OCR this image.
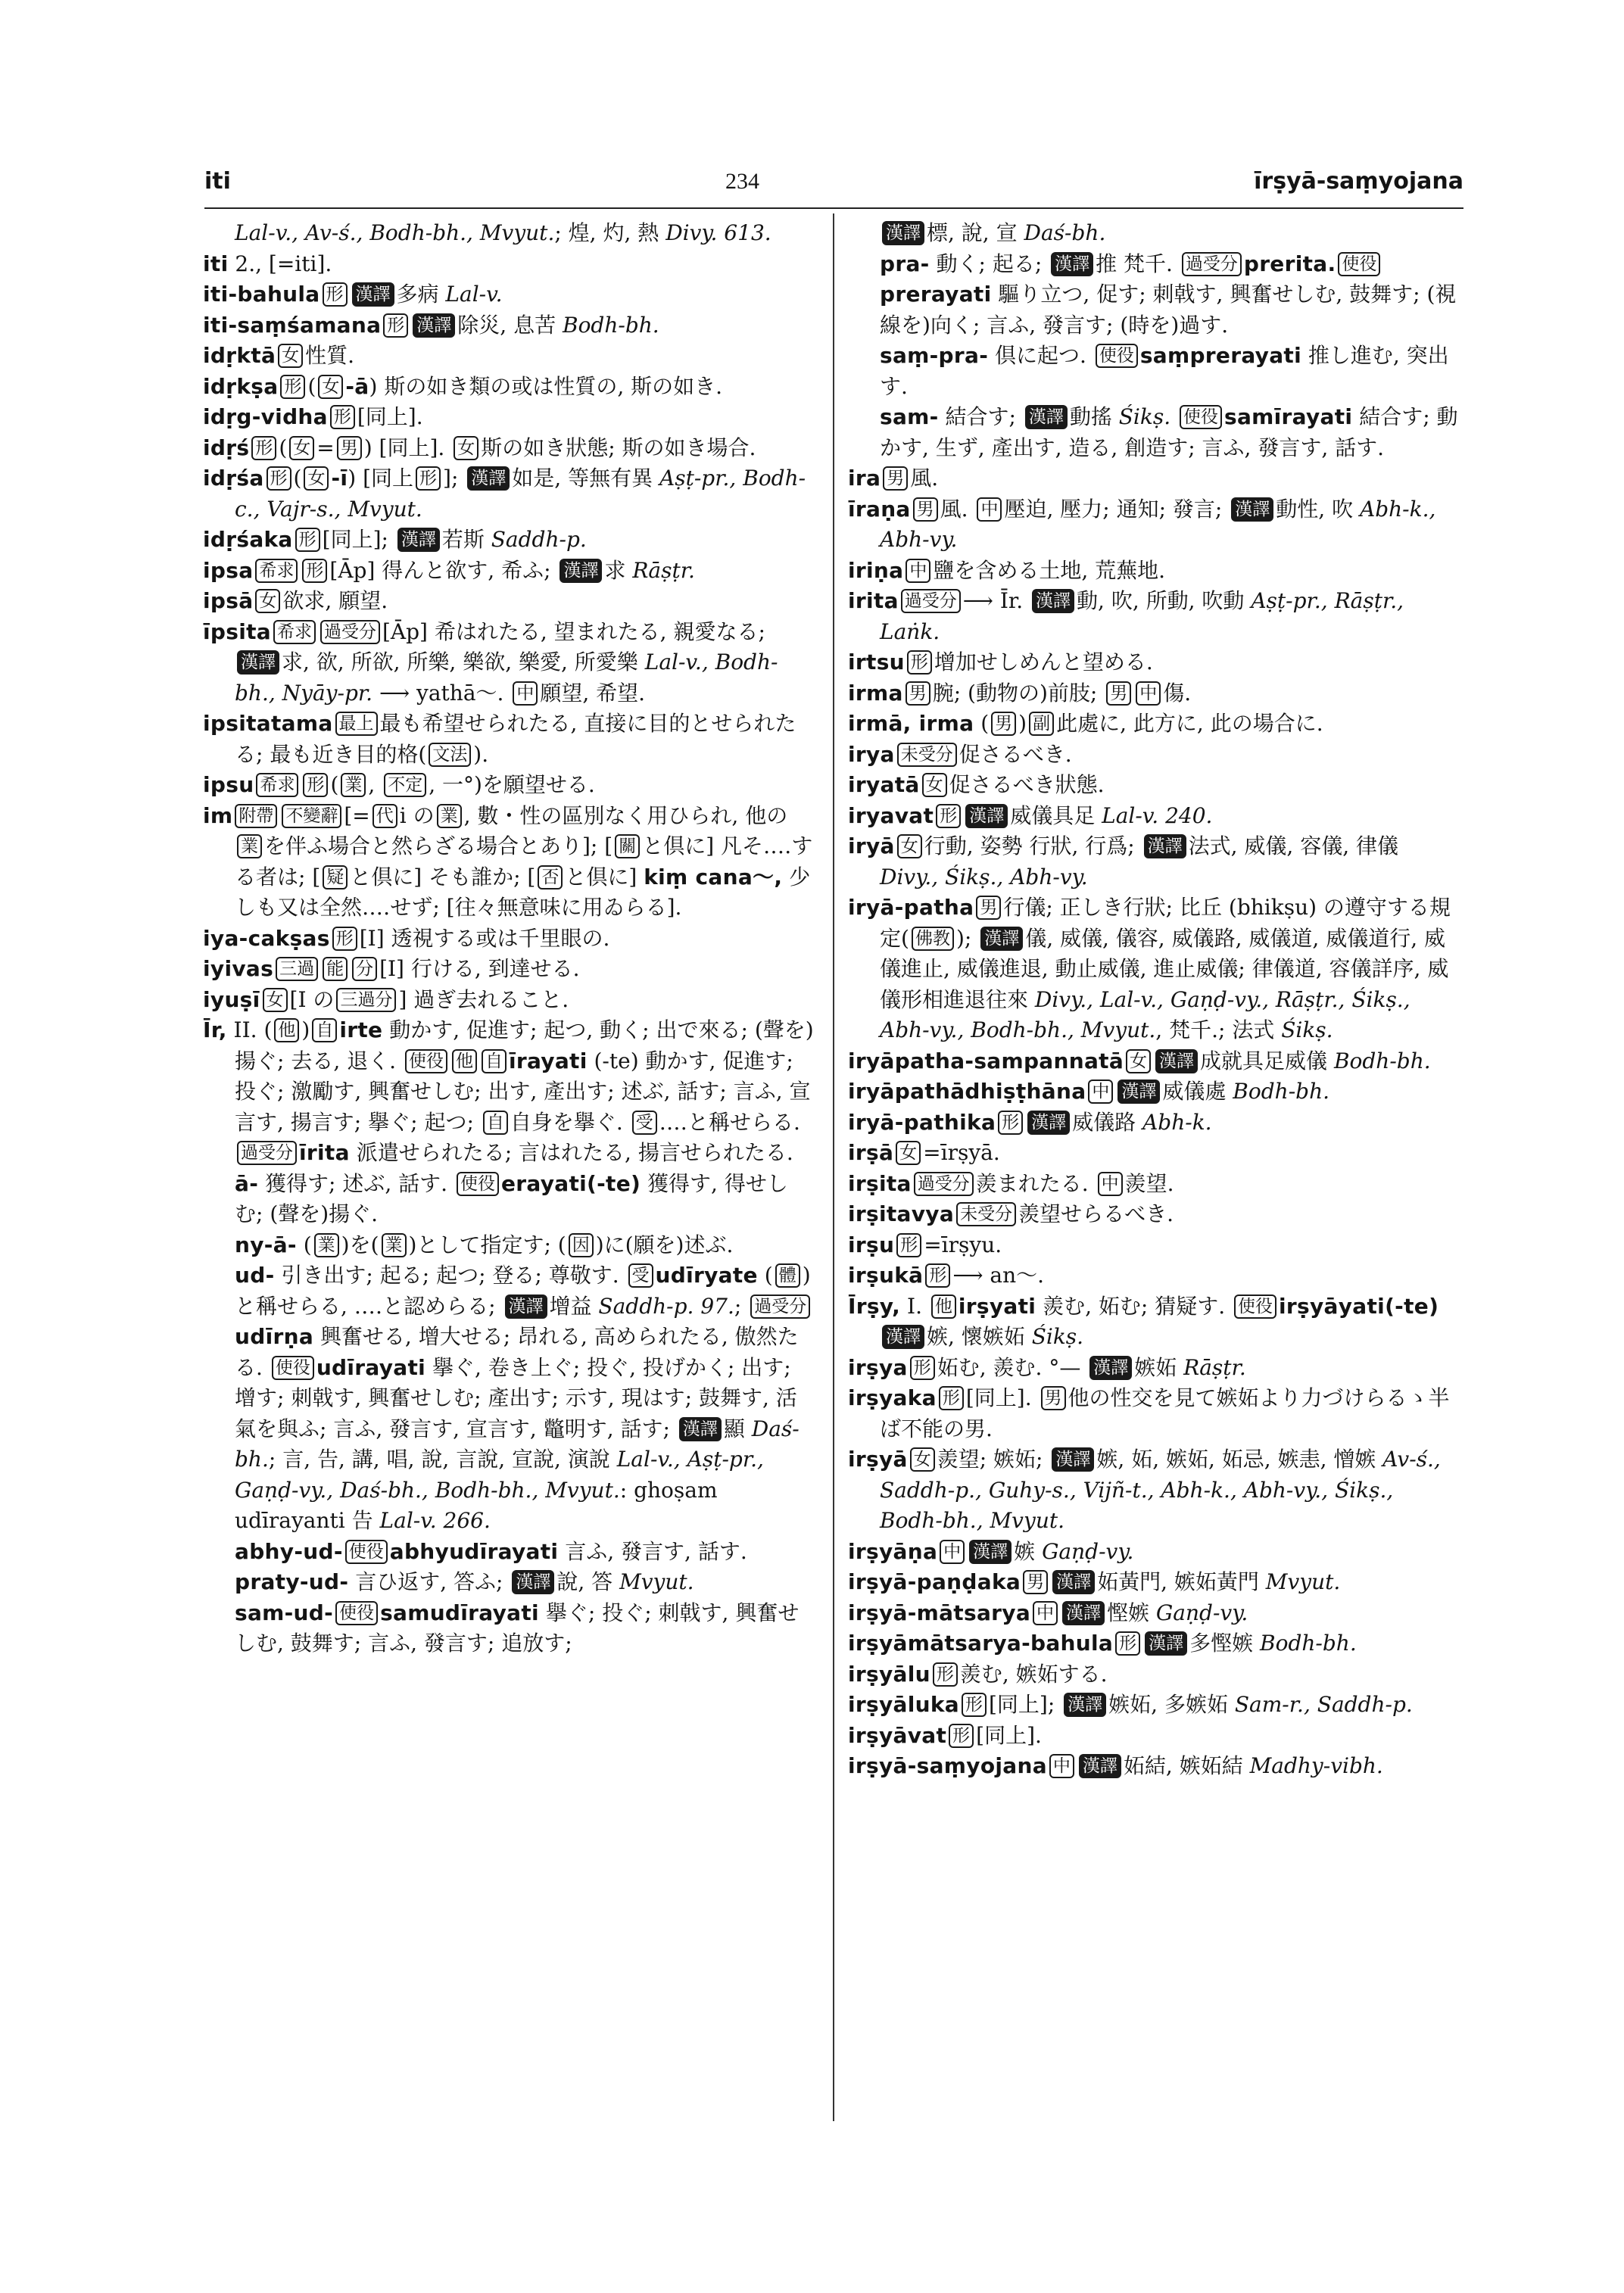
iti	234	īrṣyā-saṃyojana

Lal-v., Av-ś., Bodh-bh., Mvyut.; 煌, 灼, 熱 Divy. 613.

iti 2., [=iti].

iti-bahula 形 漢譯 多病 Lal-v.

iti-saṃśamana 形 漢譯 除災, 息苦 Bodh-bh.

idṛktā 女 性質.

idṛkṣa 形 ( 女 -ā) 斯の如き類の或は性質の, 斯の如き.

idṛg-vidha 形 [同上].

idṛś 形 ( 女 = 男 ) [同上]. 女 斯の如き狀態; 斯の如き場合.

idṛśa 形 ( 女 -ī) [同上 形 ]; 漢譯 如是, 等無有異 Aṣṭ-pr., Bodh-c., Vajr-s., Mvyut.

idṛśaka 形 [同上]; 漢譯 若斯 Saddh-p.

ipsa 希求 形 [Āp] 得んと欲す, 希ふ; 漢譯 求 Rāṣṭr.

ipsā 女 欲求, 願望.

īpsita 希求 過受分 [Āp] 希はれたる, 望まれたる, 親愛なる; 漢譯 求, 欲, 所欲, 所樂, 樂欲, 樂愛, 所愛樂 Lal-v., Bodh-bh., Nyāy-pr. ⟶ yathā〜. 中 願望, 希望.

ipsitatama 最上 最も希望せられたる, 直接に目的とせられたる; 最も近き目的格( 文法 ).

ipsu 希求 形 ( 業 , 不定 , 一°)を願望せる.

im 附帶 不變辭 [= 代 i の 業 , 數・性の區別なく用ひられ, 他の業 を伴ふ場合と然らざる場合とあり]; [ 關 と倶に] 凡そ‥‥する者は; [ 疑 と倶に] そも誰か; [ 否 と倶に] kiṃ cana〜, 少しも又は全然‥‥せず; [往々無意味に用ゐらる].

iya-cakṣas 形 [I] 透視する或は千里眼の.

iyivas 三過 能 分 [I] 行ける, 到達せる.

iyuṣī 女 [I の 三過分 ] 過ぎ去れること.

Īr, II. ( 他 ) 自 irte 動かす, 促進す; 起つ, 動く; 出で來る; (聲を)揚ぐ; 去る, 退く. 使役 他 自 īrayati (-te) 動かす, 促進す; 投ぐ; 激勵す, 興奮せしむ; 出す, 產出す; 述ぶ, 話す; 言ふ, 宣言す, 揚言す; 擧ぐ; 起つ; 自 自身を擧ぐ. 受 ‥‥と稱せらる. 過受分 īrita 派遣せられたる; 言はれたる, 揚言せられたる.

ā- 獲得す; 述ぶ, 話す. 使役 erayati(-te) 獲得す, 得せしむ; (聲を)揚ぐ.

ny-ā- ( 業 )を( 業 )として指定す; ( 因 )に(願を)述ぶ.

ud- 引き出す; 起る; 起つ; 登る; 尊敬す. 受 udīryate ( 體 )と稱せらる, ‥‥と認めらる; 漢譯 增益 Saddh-p. 97.; 過受分udīrṇa 興奮せる, 增大せる; 昂れる, 高められたる, 傲然たる. 使役 udīrayati 擧ぐ, 卷き上ぐ; 投ぐ, 投げかく; 出す; 增す; 刺戟す, 興奮せしむ; 產出す; 示す, 現はす; 鼓舞す, 活氣を與ふ; 言ふ, 發言す, 宣言す, 鼈明す, 話す; 漢譯 顯 Daś-bh.; 言, 告, 講, 唱, 說, 言說, 宣說, 演說 Lal-v., Aṣṭ-pr., Gaṇḍ-vy., Daś-bh., Bodh-bh., Mvyut.: ghoṣam udīrayanti 告 Lal-v. 266.

abhy-ud- 使役 abhyudīrayati 言ふ, 發言す, 話す.

praty-ud- 言ひ返す, 答ふ; 漢譯 說, 答 Mvyut.

sam-ud- 使役 samudīrayati 擧ぐ; 投ぐ; 刺戟す, 興奮せしむ, 鼓舞す; 言ふ, 發言す; 追放す;

漢譯 標, 說, 宣 Daś-bh.

pra- 動く; 起る; 漢譯 推 梵千. 過受分 prerita. 使役prerayati 驅り立つ, 促す; 刺戟す, 興奮せしむ, 鼓舞す; (視線を)向く; 言ふ, 發言す; (時を)過す.

saṃ-pra- 倶に起つ. 使役 saṃprerayati 推し進む, 突出す.

sam- 結合す; 漢譯 動搖 Śikṣ. 使役 samīrayati 結合す; 動かす, 生ず, 產出す, 造る, 創造す; 言ふ, 發言す, 話す.

ira 男 風.

īraṇa 男 風. 中 壓迫, 壓力; 通知; 發言; 漢譯 動性, 吹 Abh-k., Abh-vy.

iriṇa 中 鹽を含める土地, 荒蕪地.

irita 過受分 ⟶ Īr. 漢譯 動, 吹, 所動, 吹動 Aṣṭ-pr., Rāṣṭr., Laṅk.

irtsu 形 增加せしめんと望める.

irma 男 腕; (動物の)前肢; 男 中 傷.

irmā, irma ( 男 ) 副 此處に, 此方に, 此の場合に.

irya 未受分 促さるべき.

iryatā 女 促さるべき狀態.

iryavat 形 漢譯 威儀具足 Lal-v. 240.

iryā 女 行動, 姿勢 行狀, 行爲; 漢譯 法式, 威儀, 容儀, 律儀 Divy., Śikṣ., Abh-vy.

iryā-patha 男 行儀; 正しき行狀; 比丘 (bhikṣu) の遵守する規定( 佛教 ); 漢譯 儀, 威儀, 儀容, 威儀路, 威儀道, 威儀道行, 威儀進止, 威儀進退, 動止威儀, 進止威儀; 律儀道, 容儀詳序, 威儀形相進退往來 Divy., Lal-v., Gaṇḍ-vy., Rāṣṭr., Śikṣ., Abh-vy., Bodh-bh., Mvyut., 梵千.; 法式 Śikṣ.

iryāpatha-sampannatā 女 漢譯 成就具足威儀 Bodh-bh.

iryāpathādhiṣṭhāna 中 漢譯 威儀處 Bodh-bh.

iryā-pathika 形 漢譯 威儀路 Abh-k.

irṣā 女 =īrṣyā.

irṣita 過受分 羨まれたる. 中 羨望.

irṣitavya 未受分 羨望せらるべき.

irṣu 形 =īrṣyu.

irṣukā 形 ⟶ an〜.

Īrṣy, I. 他 irṣyati 羨む, 妬む; 猜疑す. 使役 irṣyāyati(-te)漢譯 嫉, 懷嫉妬 Śikṣ.

irṣya 形 妬む, 羨む. °— 漢譯 嫉妬 Rāṣṭr.

irṣyaka 形 [同上]. 男 他の性交を見て嫉妬より力づけらるゝ半ば不能の男.

irṣyā 女 羨望; 嫉妬; 漢譯 嫉, 妬, 嫉妬, 妬忌, 嫉恚, 憎嫉 Av-ś., Saddh-p., Guhy-s., Vijñ-t., Abh-k., Abh-vy., Śikṣ., Bodh-bh., Mvyut.

irṣyāṇa 中 漢譯 嫉 Gaṇḍ-vy.

irṣyā-paṇḍaka 男 漢譯 妬黃門, 嫉妬黃門 Mvyut.

irṣyā-mātsarya 中 漢譯 慳嫉 Gaṇḍ-vy.

irṣyāmātsarya-bahula 形 漢譯 多慳嫉 Bodh-bh.

irṣyālu 形 羨む, 嫉妬する.

irṣyāluka 形 [同上]; 漢譯 嫉妬, 多嫉妬 Sam-r., Saddh-p.

irṣyāvat 形 [同上].

irṣyā-saṃyojana 中 漢譯 妬結, 嫉妬結 Madhy-vibh.
